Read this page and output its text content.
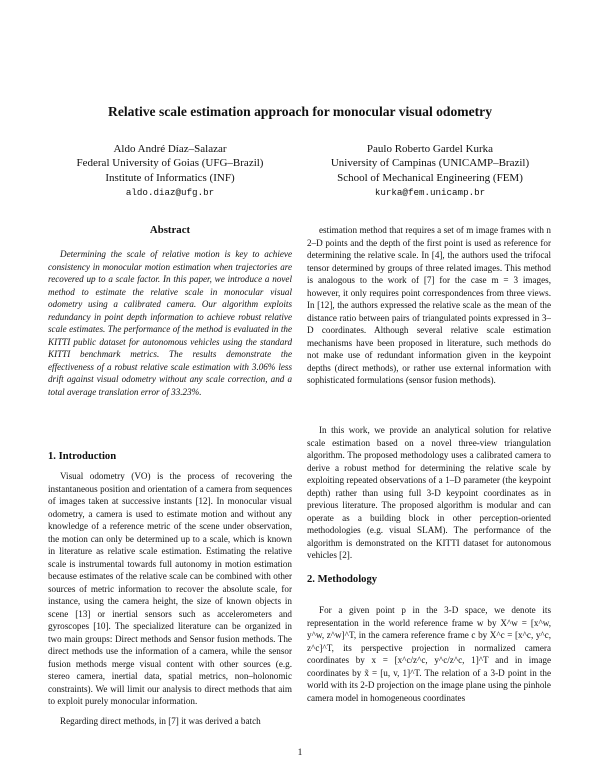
Relative scale estimation approach for monocular visual odometry
Aldo André Díaz–Salazar
Federal University of Goias (UFG–Brazil)
Institute of Informatics (INF)
aldo.diaz@ufg.br
Paulo Roberto Gardel Kurka
University of Campinas (UNICAMP–Brazil)
School of Mechanical Engineering (FEM)
kurka@fem.unicamp.br
Abstract

Determining the scale of relative motion is key to achieve consistency in monocular motion estimation when trajectories are recovered up to a scale factor. In this paper, we introduce a novel method to estimate the relative scale in monocular visual odometry using a calibrated camera. Our algorithm exploits redundancy in point depth information to achieve robust relative scale estimates. The performance of the method is evaluated in the KITTI public dataset for autonomous vehicles using the standard KITTI benchmark metrics. The results demonstrate the effectiveness of a robust relative scale estimation with 3.06% less drift against visual odometry without any scale correction, and a total average translation error of 33.23%.

1. Introduction

Visual odometry (VO) is the process of recovering the instantaneous position and orientation of a camera from sequences of images taken at successive instants [12]. In monocular visual odometry, a camera is used to estimate motion and without any knowledge of a reference metric of the scene under observation, the motion can only be determined up to a scale, which is known in literature as relative scale estimation. Estimating the relative scale is instrumental towards full autonomy in motion estimation because estimates of the relative scale can be combined with other sources of metric information to recover the absolute scale, for instance, using the camera height, the size of known objects in scene [13] or inertial sensors such as accelerometers and gyroscopes [10]. The specialized literature can be organized in two main groups: Direct methods and Sensor fusion methods. The direct methods use the information of a camera, while the sensor fusion methods merge visual content with other sources (e.g. stereo camera, inertial data, spatial metrics, non–holonomic constraints). We will limit our analysis to direct methods that aim to exploit purely monocular information.

Regarding direct methods, in [7] it was derived a batch

estimation method that requires a set of m image frames with n 2–D points and the depth of the first point is used as reference for determining the relative scale. In [4], the authors used the trifocal tensor determined by groups of three related images. This method is analogous to the work of [7] for the case m = 3 images, however, it only requires point correspondences from three views. In [12], the authors expressed the relative scale as the mean of the distance ratio between pairs of triangulated points expressed in 3–D coordinates. Although several relative scale estimation mechanisms have been proposed in literature, such methods do not make use of redundant information given in the keypoint depths (direct methods), or rather use external information with sophisticated formulations (sensor fusion methods).

In this work, we provide an analytical solution for relative scale estimation based on a novel three-view triangulation algorithm. The proposed methodology uses a calibrated camera to derive a robust method for determining the relative scale by exploiting repeated observations of a 1–D parameter (the keypoint depth) rather than using full 3-D keypoint coordinates as in previous literature. The proposed algorithm is modular and can operate as a building block in other perception-oriented methodologies (e.g. visual SLAM). The performance of the algorithm is demonstrated on the KITTI dataset for autonomous vehicles [2].

2. Methodology

For a given point p in the 3-D space, we denote its representation in the world reference frame w by X^w = [x^w, y^w, z^w]^T, in the camera reference frame c by X^c = [x^c, y^c, z^c]^T, its perspective projection in normalized camera coordinates by x = [x^c/z^c, y^c/z^c, 1]^T and in image coordinates by x̃ = [u, v, 1]^T. The relation of a 3-D point in the world with its 2-D projection on the image plane using the pinhole camera model in homogeneous coordinates

1
